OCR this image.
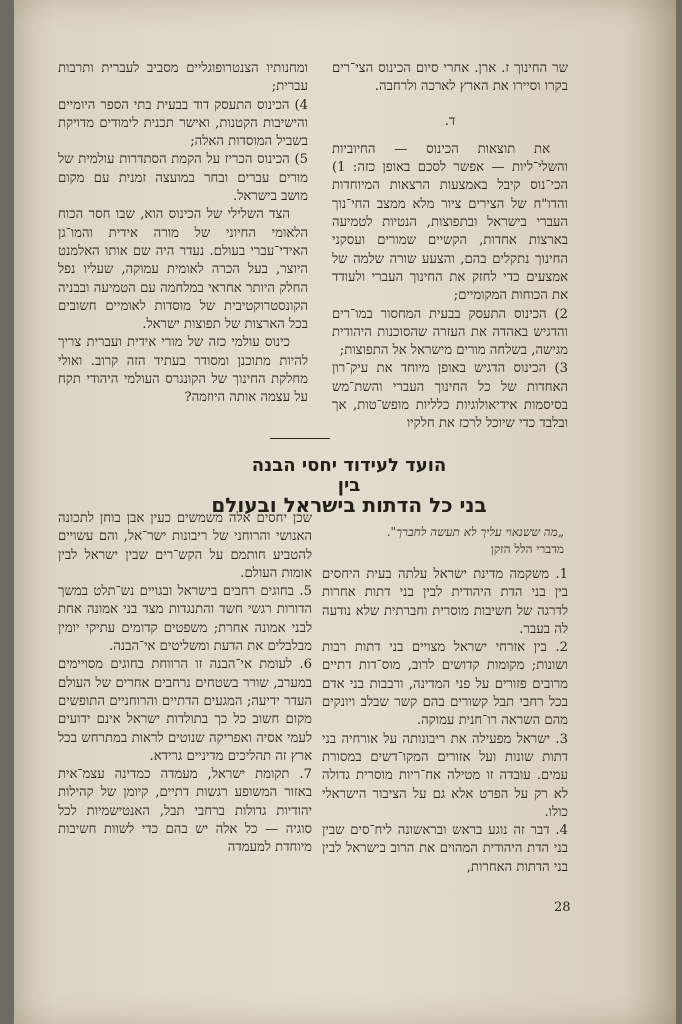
שר החינוך ז. ארן. אחרי סיום הכינוס הצי־רים בקרו וסיירו את הארץ לארכה ולרחבה.

ד.

את תוצאות הכינוס — החיוביות והשלי־ליות — אפשר לסכם באופן כזה: 1) הכי־נוס קיבל באמצעות הרצאות המיוחדות והדו"ח של הצירים ציור מלא ממצב החי־נוך העברי בישראל ובתפוצות, הנטיות לטמיעה בארצות אחדות, הקשיים שמורים ועסקני החינוך נתקלים בהם, והצעע שורה שלמה של אמצעים כדי לחזק את החינוך העברי ולעודד את הכוחות המקומיים;

2) הכינוס התעסק בבעית המחסור במו־רים והדגיש באהדה את העזרה שהסוכנות היהודית מגישה, בשלחה מורים מישראל אל התפוצות;

3) הכינוס הדגיש באופן מיוחד את עיק־רון האחדות של כל החינוך העברי והשת־מש בסיסמות אידיאולוגיות כלליות מופש־טות, אך ובלבד כדי שיוכל לרכז את חלקיו

ומחנותיו הצנטרופוגליים מסביב לעברית ותרבות עברית;

4) הכינוס התעסק דוד בבעית בתי הספר היומיים והישיבות הקטנות, ואישר תכנית לימודים מדויקת בשביל המוסדות האלה;

5) הכינוס הכריז על הקמת הסתדרות עולמית של מורים עברים ובחר במועצה זמנית עם מקום מושב בישראל.

הצד השלילי של הכינוס הוא, שבו חסר הכוח הלאומי החיוני של מורה אידית והמו־גן האידי־עברי בעולם. נעדר היה שם אותו האלמנט היוצר, בעל הכרה לאומית עמוקה, שעליו נפל החלק היותר אחראי במלחמה עם הטמיעה ובבניה הקונסטרוקטיבית של מוסדות לאומיים חשובים בכל הארצות של תפוצות ישראל.

כינוס עולמי כזה של מורי אידית ועברית צריך להיות מתוכנן ומסודר בעתיד הזה קרוב. ואולי מחלקת החינוך של הקונגרס העולמי היהודי תקח על עצמה אותה היוזמה?

הועד לעידוד יחסי הבנה
בין
בני כל הדתות בישראל ובעולם
„מה ששנאוי עליך לא תעשה לחברך".
מדברי הלל הזקן

1. משקמה מדינת ישראל עלתה בעית היחסים בין בני הדת היהודית לבין בני דתות אחרות לדרגה של חשיבות מוסרית וחברתית שלא נודעה לה בעבר.

2. בין אזרחי ישראל מצויים בני דתות רבות ושונות; מקומות קדושים לרוב, מוס־דות דתיים מרובים פזורים על פני המדינה, ורבבות בני אדם בכל רחבי תבל קשורים בהם קשר שבלב ויונקים מהם השראה רו־חנית עמוקה.

3. ישראל מפעילה את ריבונותה על אורחיה בני דתות שונות ועל אזורים המקו־דשים במסורת עמים. עובדה זו מטילה אח־ריות מוסרית גדולה לא רק על הפרט אלא גם על הציבור הישראלי כולו.

4. דבר זה נוגע בראש ובראשונה ליח־סים שבין בני הדת היהודית המהוים את הרוב בישראל לבין בני הדתות האחרות,

שכן יחסים אלה משמשים כעין אבן בוחן לתכונה האנושי והרוחני של ריבונות ישר־אל, והם עשויים להטביע חותמם על הקש־רים שבין ישראל לבין אומות העולם.

5. בחוגים רחבים בישראל ובגויים נש־תלט במשך הדורות רגשי חשד והתנגדות מצד בני אמונה אחת לבני אמונה אחרת; משפטים קדומים עתיקי יומין מבלבלים את הדעת ומשליטים אי־הבנה.

6. לעומת אי־הבנה זו הרווחת בחוגים מסויימים במערב, שורר בשטחים נרחבים אחרים של העולם העדר ידיעה; המגעים הדתיים והרוחניים התופשים מקום חשוב כל כך בתולדות ישראל אינם ידועים לעמי אסיה ואפריקה שנוטים לראות במתרחש בכל ארץ זה תהליכים מדיניים גרידא.

7. תקומת ישראל, מעמדה כמדינה עצמ־אית באזור המשופע רגשות דתיים, קיומן של קהילות יהודיות גדולות ברחבי תבל, האנטישמיות לכל סוגיה — כל אלה יש בהם כדי לשוות חשיבות מיוחדת למעמדה

28
